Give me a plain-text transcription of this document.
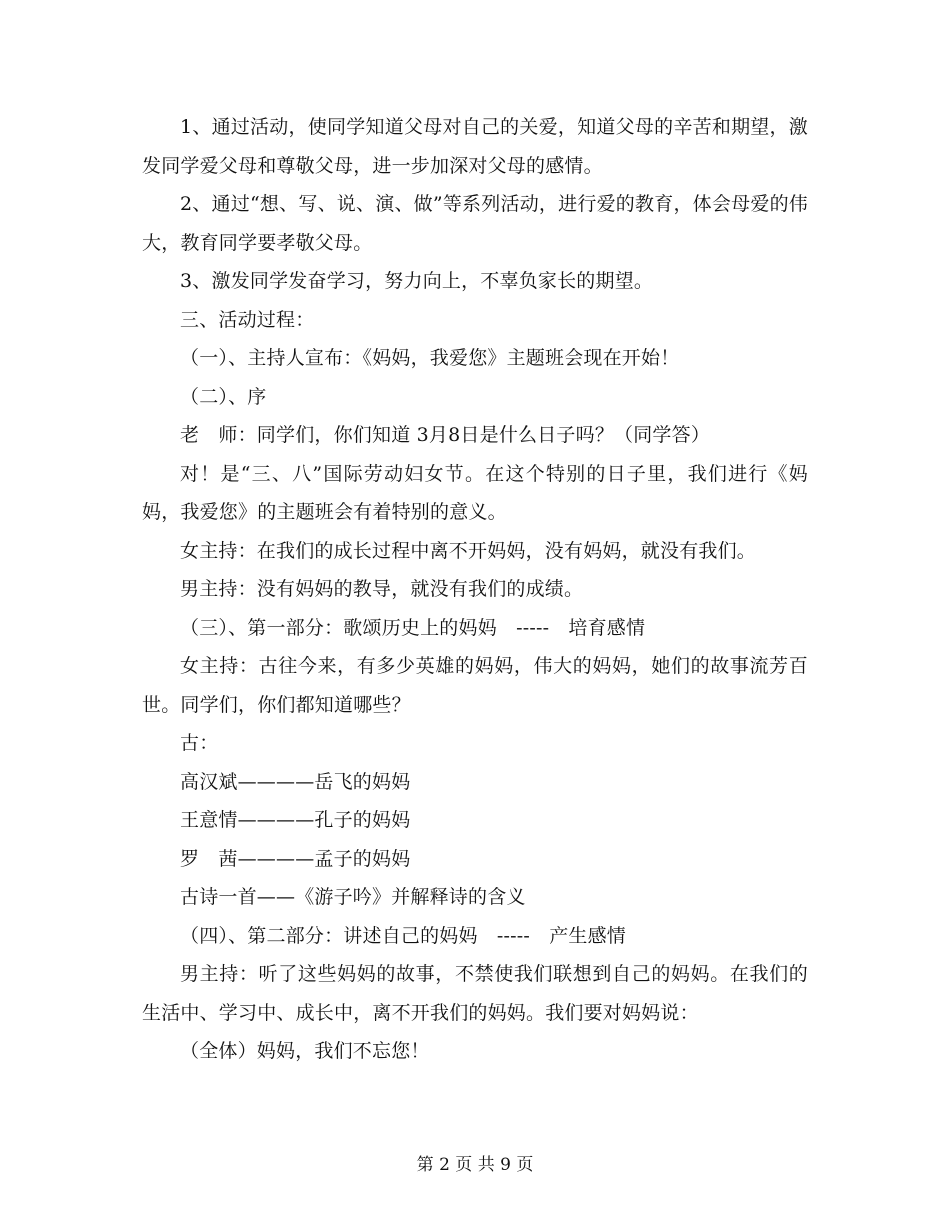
1、通过活动，使同学知道父母对自己的关爱，知道父母的辛苦和期望，激发同学爱父母和尊敬父母，进一步加深对父母的感情。

2、通过“想、写、说、演、做”等系列活动，进行爱的教育，体会母爱的伟大，教育同学要孝敬父母。

3、激发同学发奋学习，努力向上，不辜负家长的期望。

三、活动过程：

（一）、主持人宣布：《妈妈，我爱您》主题班会现在开始！

（二）、序

老　师：同学们，你们知道 3月8日是什么日子吗？（同学答）

对！是“三、八”国际劳动妇女节。在这个特别的日子里，我们进行《妈妈，我爱您》的主题班会有着特别的意义。

女主持：在我们的成长过程中离不开妈妈，没有妈妈，就没有我们。

男主持：没有妈妈的教导，就没有我们的成绩。

（三）、第一部分：歌颂历史上的妈妈　-----　培育感情

女主持：古往今来，有多少英雄的妈妈，伟大的妈妈，她们的故事流芳百世。同学们，你们都知道哪些？

古：

高汉斌————岳飞的妈妈

王意情————孔子的妈妈

罗　茜————孟子的妈妈

古诗一首——《游子吟》并解释诗的含义

（四）、第二部分：讲述自己的妈妈　-----　产生感情

男主持：听了这些妈妈的故事，不禁使我们联想到自己的妈妈。在我们的生活中、学习中、成长中，离不开我们的妈妈。我们要对妈妈说：

（全体）妈妈，我们不忘您！

第 2 页 共 9 页
